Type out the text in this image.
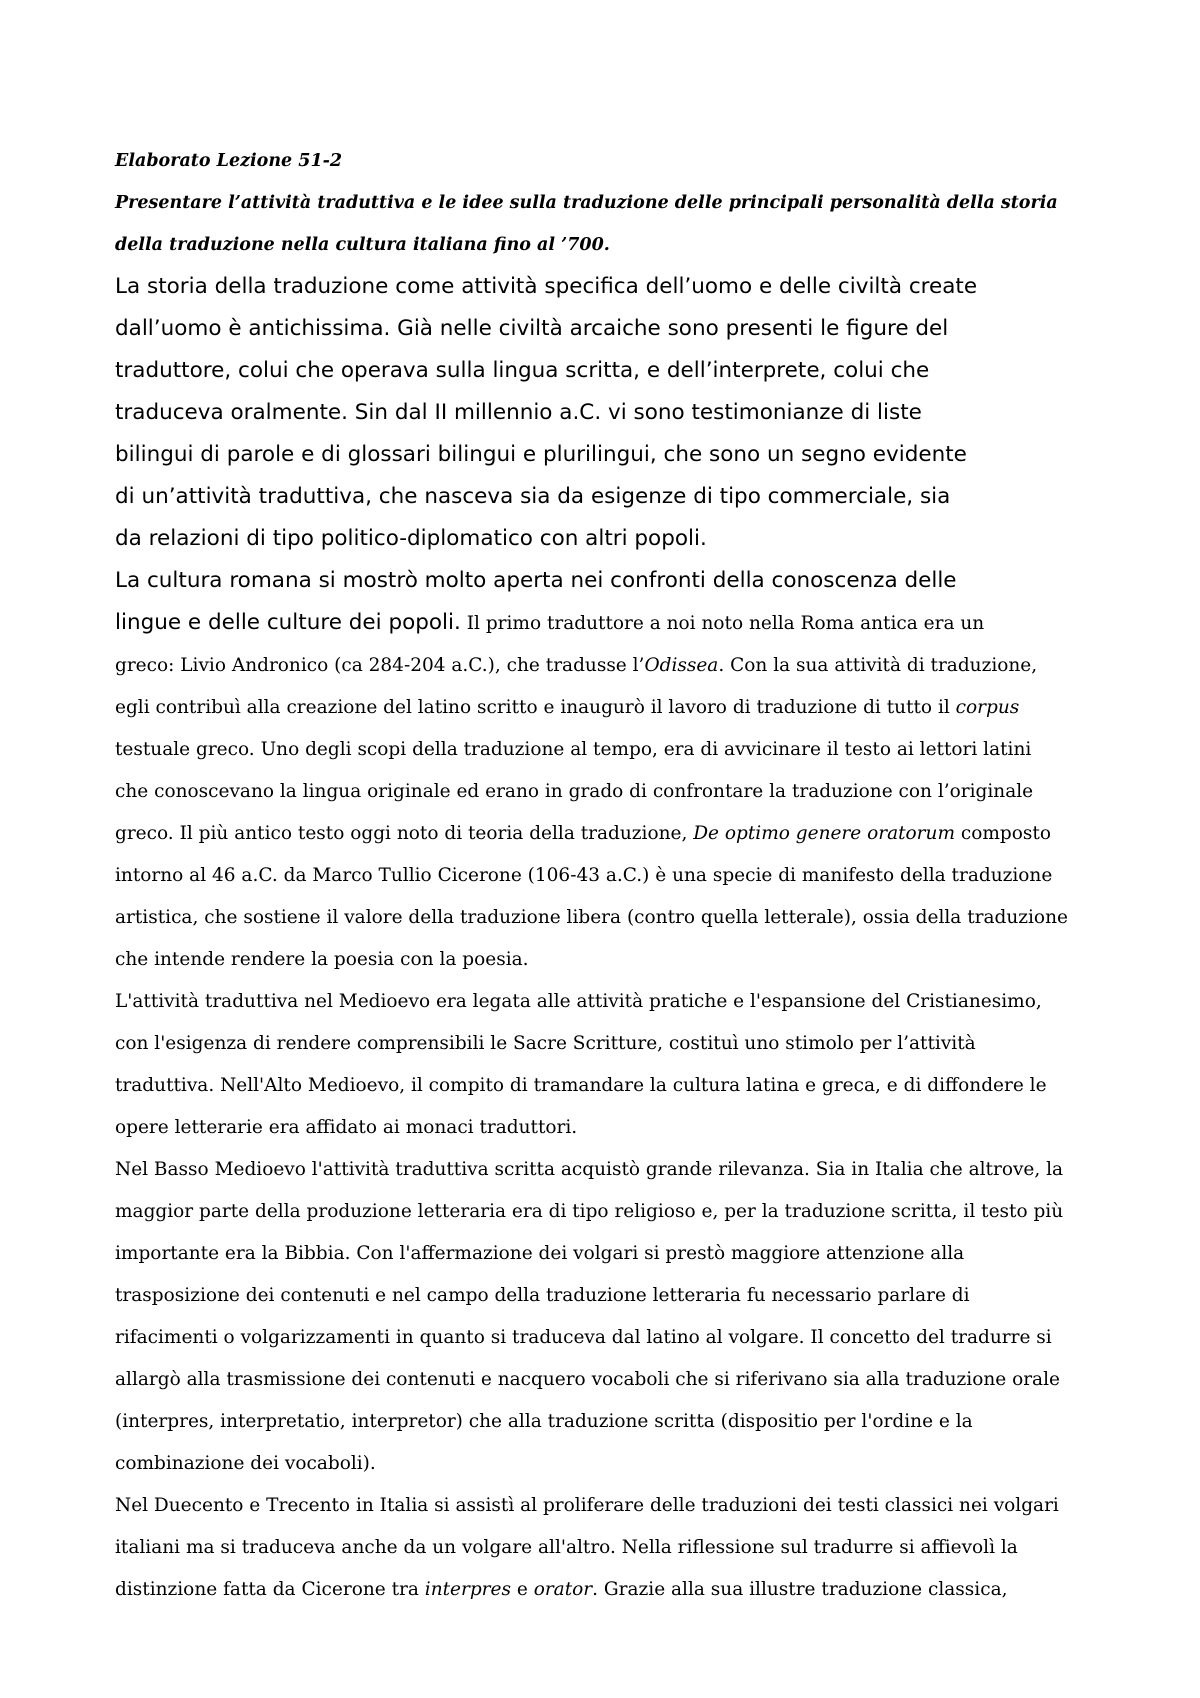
Elaborato Lezione 51-2

Presentare l’attività traduttiva e le idee sulla traduzione delle principali personalità della storia

della traduzione nella cultura italiana fino al ’700.

La storia della traduzione come attività specifica dell’uomo e delle civiltà create

dall’uomo è antichissima. Già nelle civiltà arcaiche sono presenti le figure del

traduttore, colui che operava sulla lingua scritta, e dell’interprete, colui che

traduceva oralmente. Sin dal II millennio a.C. vi sono testimonianze di liste

bilingui di parole e di glossari bilingui e plurilingui, che sono un segno evidente

di un’attività traduttiva, che nasceva sia da esigenze di tipo commerciale, sia

da relazioni di tipo politico-diplomatico con altri popoli.

La cultura romana si mostrò molto aperta nei confronti della conoscenza delle

lingue e delle culture dei popoli. Il primo traduttore a noi noto nella Roma antica era un

greco: Livio Andronico (ca 284-204 a.C.), che tradusse l’Odissea. Con la sua attività di traduzione,

egli contribuì alla creazione del latino scritto e inaugurò il lavoro di traduzione di tutto il corpus

testuale greco. Uno degli scopi della traduzione al tempo, era di avvicinare il testo ai lettori latini

che conoscevano la lingua originale ed erano in grado di confrontare la traduzione con l’originale

greco. Il più antico testo oggi noto di teoria della traduzione, De optimo genere oratorum composto

intorno al 46 a.C. da Marco Tullio Cicerone (106-43 a.C.) è una specie di manifesto della traduzione

artistica, che sostiene il valore della traduzione libera (contro quella letterale), ossia della traduzione

che intende rendere la poesia con la poesia.

L'attività traduttiva nel Medioevo era legata alle attività pratiche e l'espansione del Cristianesimo,

con l'esigenza di rendere comprensibili le Sacre Scritture, costituì uno stimolo per l’attività

traduttiva. Nell'Alto Medioevo, il compito di tramandare la cultura latina e greca, e di diffondere le

opere letterarie era affidato ai monaci traduttori.

Nel Basso Medioevo l'attività traduttiva scritta acquistò grande rilevanza. Sia in Italia che altrove, la

maggior parte della produzione letteraria era di tipo religioso e, per la traduzione scritta, il testo più

importante era la Bibbia. Con l'affermazione dei volgari si prestò maggiore attenzione alla

trasposizione dei contenuti e nel campo della traduzione letteraria fu necessario parlare di

rifacimenti o volgarizzamenti in quanto si traduceva dal latino al volgare. Il concetto del tradurre si

allargò alla trasmissione dei contenuti e nacquero vocaboli che si riferivano sia alla traduzione orale

(interpres, interpretatio, interpretor) che alla traduzione scritta (dispositio per l'ordine e la

combinazione dei vocaboli).

Nel Duecento e Trecento in Italia si assistì al proliferare delle traduzioni dei testi classici nei volgari

italiani ma si traduceva anche da un volgare all'altro. Nella riflessione sul tradurre si affievolì la

distinzione fatta da Cicerone tra interpres e orator. Grazie alla sua illustre traduzione classica,
